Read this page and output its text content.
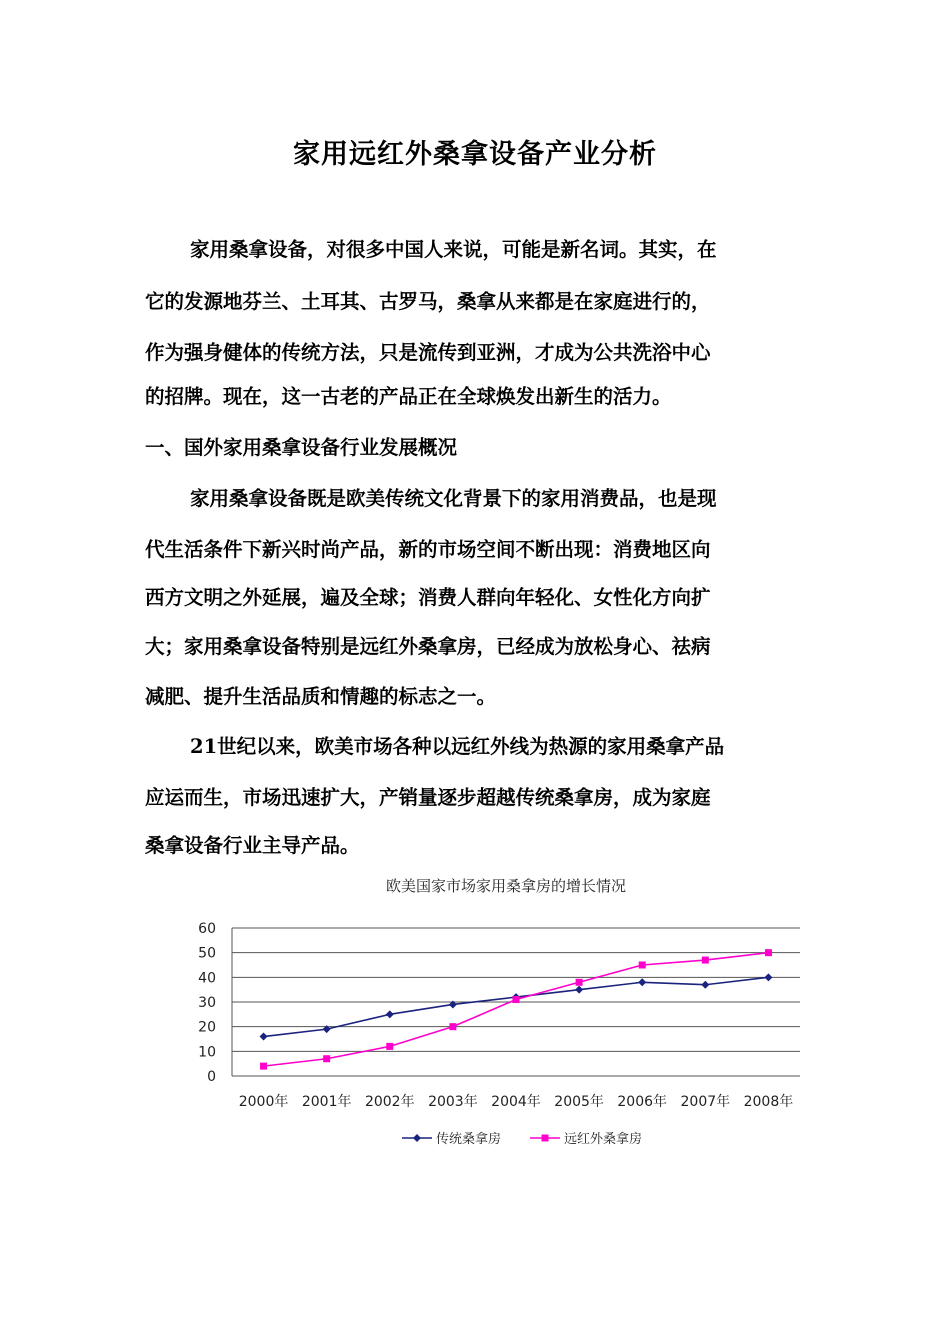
家用远红外桑拿设备产业分析
家用桑拿设备，对很多中国人来说，可能是新名词。其实，在
它的发源地芬兰、土耳其、古罗马，桑拿从来都是在家庭进行的，
作为强身健体的传统方法，只是流传到亚洲，才成为公共洗浴中心
的招牌。现在，这一古老的产品正在全球焕发出新生的活力。
一、国外家用桑拿设备行业发展概况
家用桑拿设备既是欧美传统文化背景下的家用消费品，也是现
代生活条件下新兴时尚产品，新的市场空间不断出现：消费地区向
西方文明之外延展，遍及全球；消费人群向年轻化、女性化方向扩
大；家用桑拿设备特别是远红外桑拿房，已经成为放松身心、祛病
减肥、提升生活品质和情趣的标志之一。
21世纪以来，欧美市场各种以远红外线为热源的家用桑拿产品
应运而生，市场迅速扩大，产销量逐步超越传统桑拿房，成为家庭
桑拿设备行业主导产品。
欧美国家市场家用桑拿房的增长情况
0
10
20
30
40
50
60
2000年 2001年 2002年 2003年 2004年 2005年 2006年 2007年 2008年
传统桑拿房	远红外桑拿房
